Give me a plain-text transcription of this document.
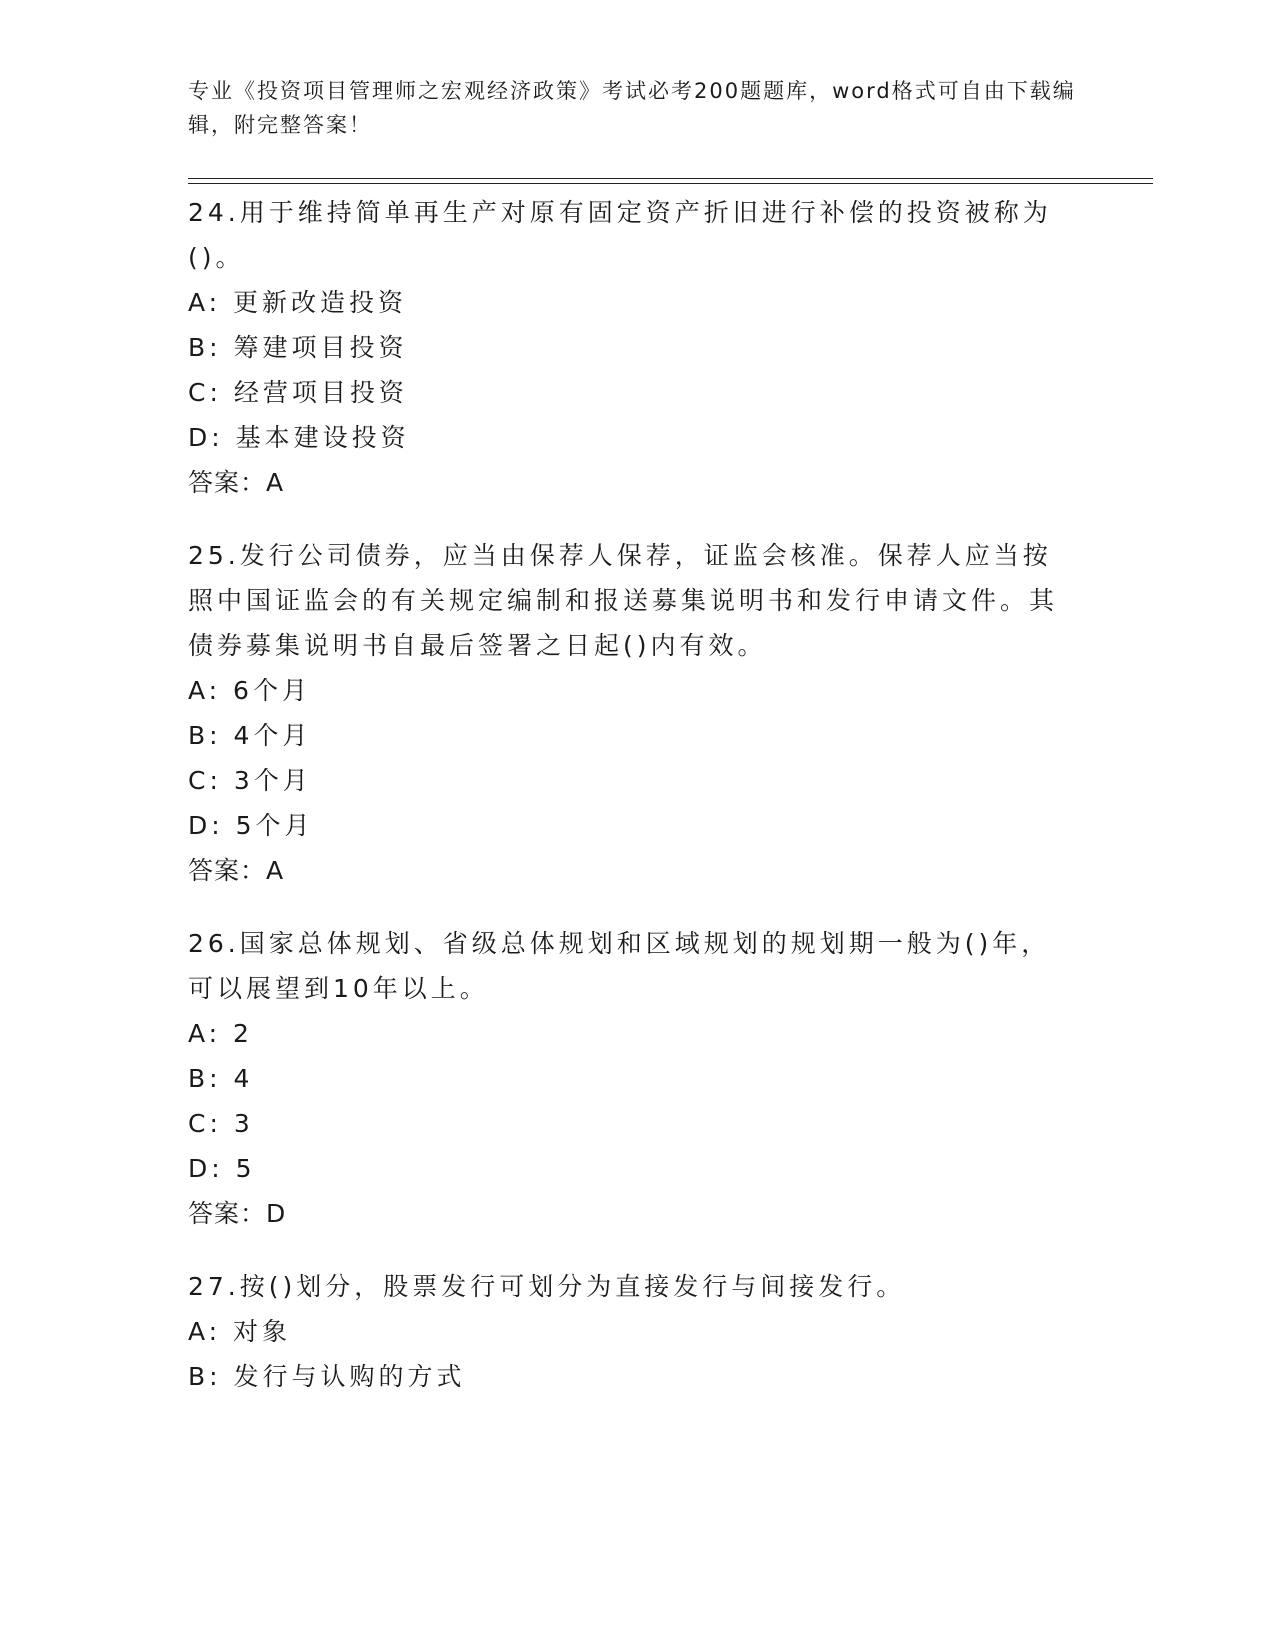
专业《投资项目管理师之宏观经济政策》考试必考200题题库，word格式可自由下载编辑，附完整答案！
24.用于维持简单再生产对原有固定资产折旧进行补偿的投资被称为()。
A: 更新改造投资
B: 筹建项目投资
C: 经营项目投资
D: 基本建设投资
答案：A
25.发行公司债券，应当由保荐人保荐，证监会核准。保荐人应当按照中国证监会的有关规定编制和报送募集说明书和发行申请文件。其债券募集说明书自最后签署之日起()内有效。
A: 6个月
B: 4个月
C: 3个月
D: 5个月
答案：A
26.国家总体规划、省级总体规划和区域规划的规划期一般为()年，可以展望到10年以上。
A: 2
B: 4
C: 3
D: 5
答案：D
27.按()划分，股票发行可划分为直接发行与间接发行。
A: 对象
B: 发行与认购的方式
